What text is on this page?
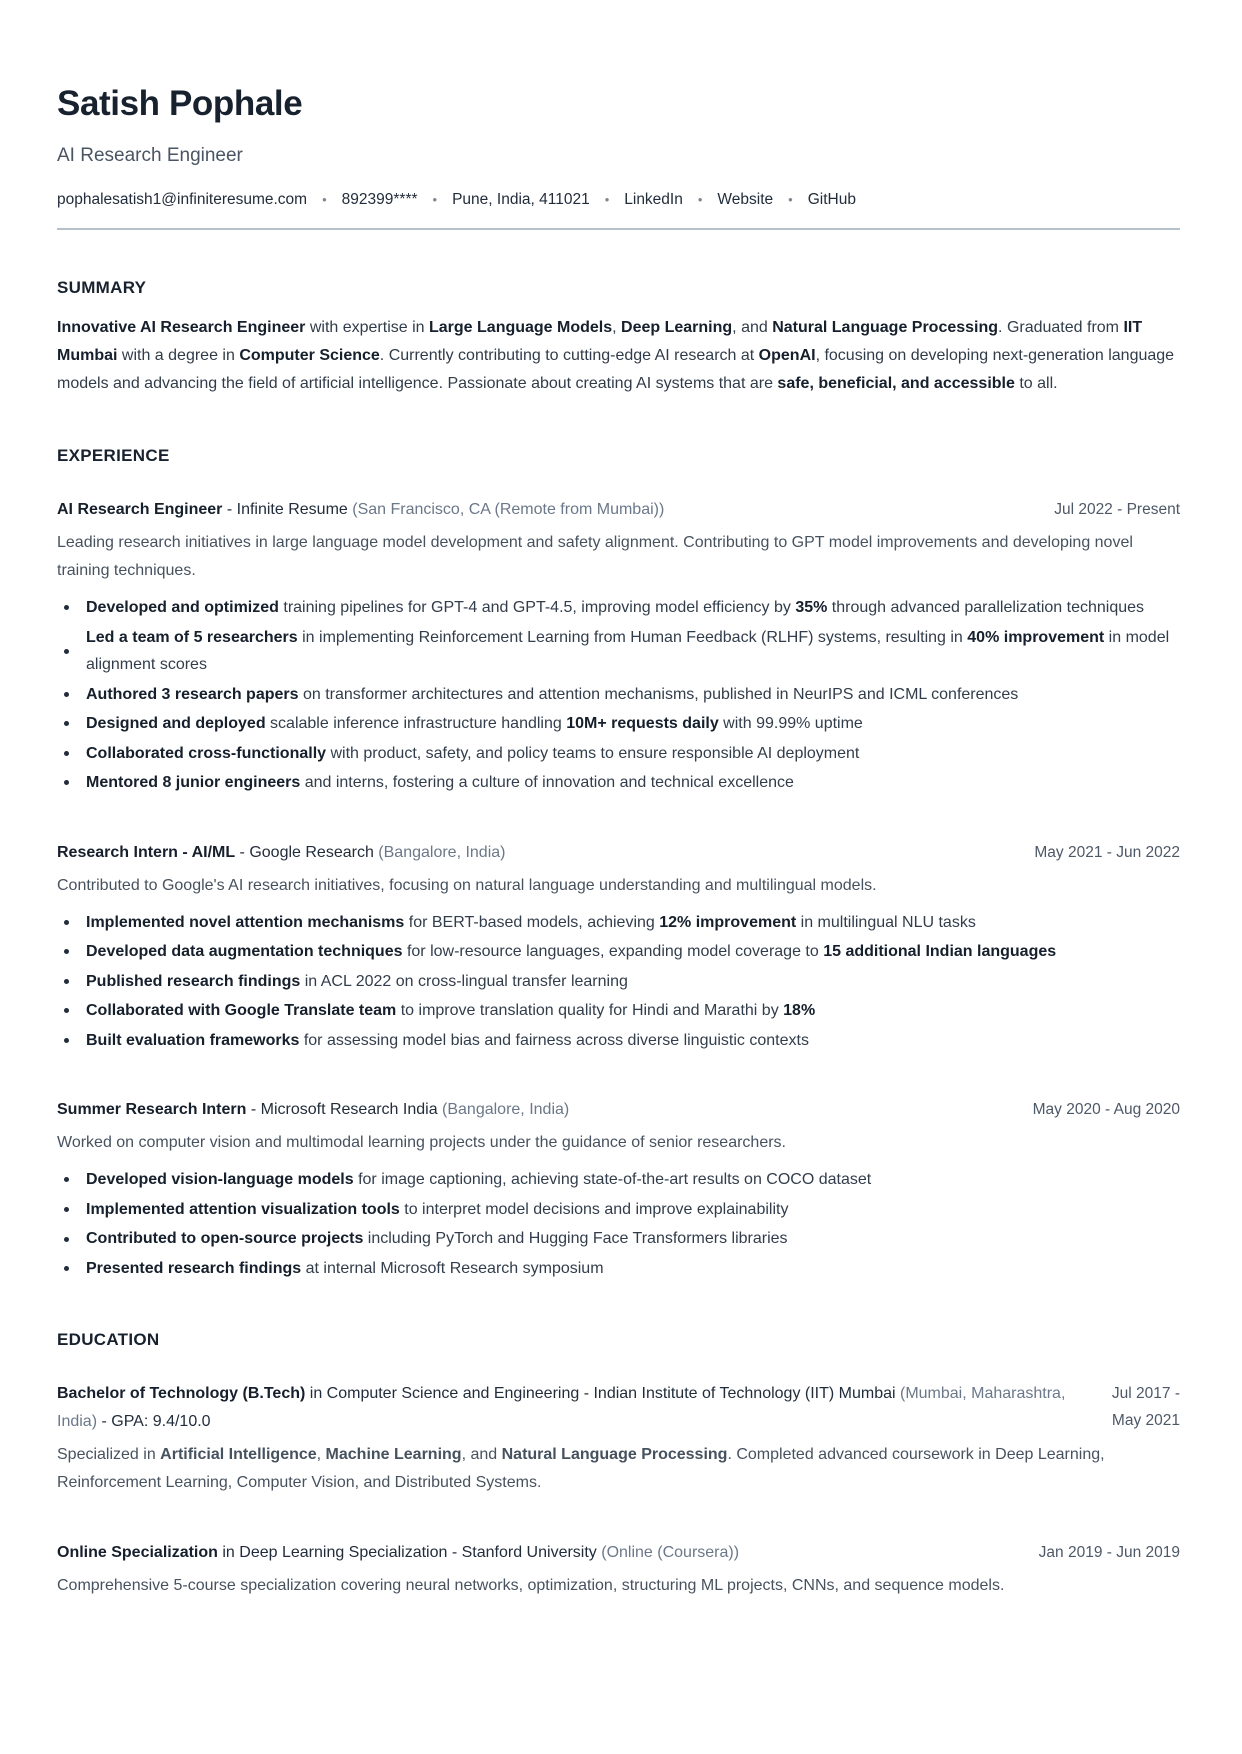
Satish Pophale
AI Research Engineer
pophalesatish1@infiniteresume.com	• 892399****	• Pune, India, 411021	• LinkedIn	• Website	• GitHub
SUMMARY

Innovative AI Research Engineer with expertise in Large Language Models, Deep Learning, and Natural Language Processing. Graduated from IIT Mumbai with a degree in Computer Science. Currently contributing to cutting-edge AI research at OpenAI, focusing on developing next-generation language models and advancing the field of artificial intelligence. Passionate about creating AI systems that are safe, beneficial, and accessible to all.

EXPERIENCE
AI Research Engineer - Infinite Resume (San Francisco, CA (Remote from Mumbai))	Jul 2022 - Present

Leading research initiatives in large language model development and safety alignment. Contributing to GPT model improvements and developing novel training techniques.

Developed and optimized training pipelines for GPT-4 and GPT-4.5, improving model efficiency by 35% through advanced parallelization techniques
Led a team of 5 researchers in implementing Reinforcement Learning from Human Feedback (RLHF) systems, resulting in 40% improvement in model alignment scores
Authored 3 research papers on transformer architectures and attention mechanisms, published in NeurIPS and ICML conferences
Designed and deployed scalable inference infrastructure handling 10M+ requests daily with 99.99% uptime
Collaborated cross-functionally with product, safety, and policy teams to ensure responsible AI deployment
Mentored 8 junior engineers and interns, fostering a culture of innovation and technical excellence
Research Intern - AI/ML - Google Research (Bangalore, India)	May 2021 - Jun 2022

Contributed to Google's AI research initiatives, focusing on natural language understanding and multilingual models.

Implemented novel attention mechanisms for BERT-based models, achieving 12% improvement in multilingual NLU tasks
Developed data augmentation techniques for low-resource languages, expanding model coverage to 15 additional Indian languages
Published research findings in ACL 2022 on cross-lingual transfer learning
Collaborated with Google Translate team to improve translation quality for Hindi and Marathi by 18%
Built evaluation frameworks for assessing model bias and fairness across diverse linguistic contexts
Summer Research Intern - Microsoft Research India (Bangalore, India)	May 2020 - Aug 2020

Worked on computer vision and multimodal learning projects under the guidance of senior researchers.

Developed vision-language models for image captioning, achieving state-of-the-art results on COCO dataset
Implemented attention visualization tools to interpret model decisions and improve explainability
Contributed to open-source projects including PyTorch and Hugging Face Transformers libraries
Presented research findings at internal Microsoft Research symposium
EDUCATION
Bachelor of Technology (B.Tech) in Computer Science and Engineering - Indian Institute of Technology (IIT) Mumbai (Mumbai, Maharashtra, India) - GPA: 9.4/10.0
Jul 2017 - May 2021

Specialized in Artificial Intelligence, Machine Learning, and Natural Language Processing. Completed advanced coursework in Deep Learning, Reinforcement Learning, Computer Vision, and Distributed Systems.

Online Specialization in Deep Learning Specialization - Stanford University (Online (Coursera))	Jan 2019 - Jun 2019

Comprehensive 5-course specialization covering neural networks, optimization, structuring ML projects, CNNs, and sequence models.
